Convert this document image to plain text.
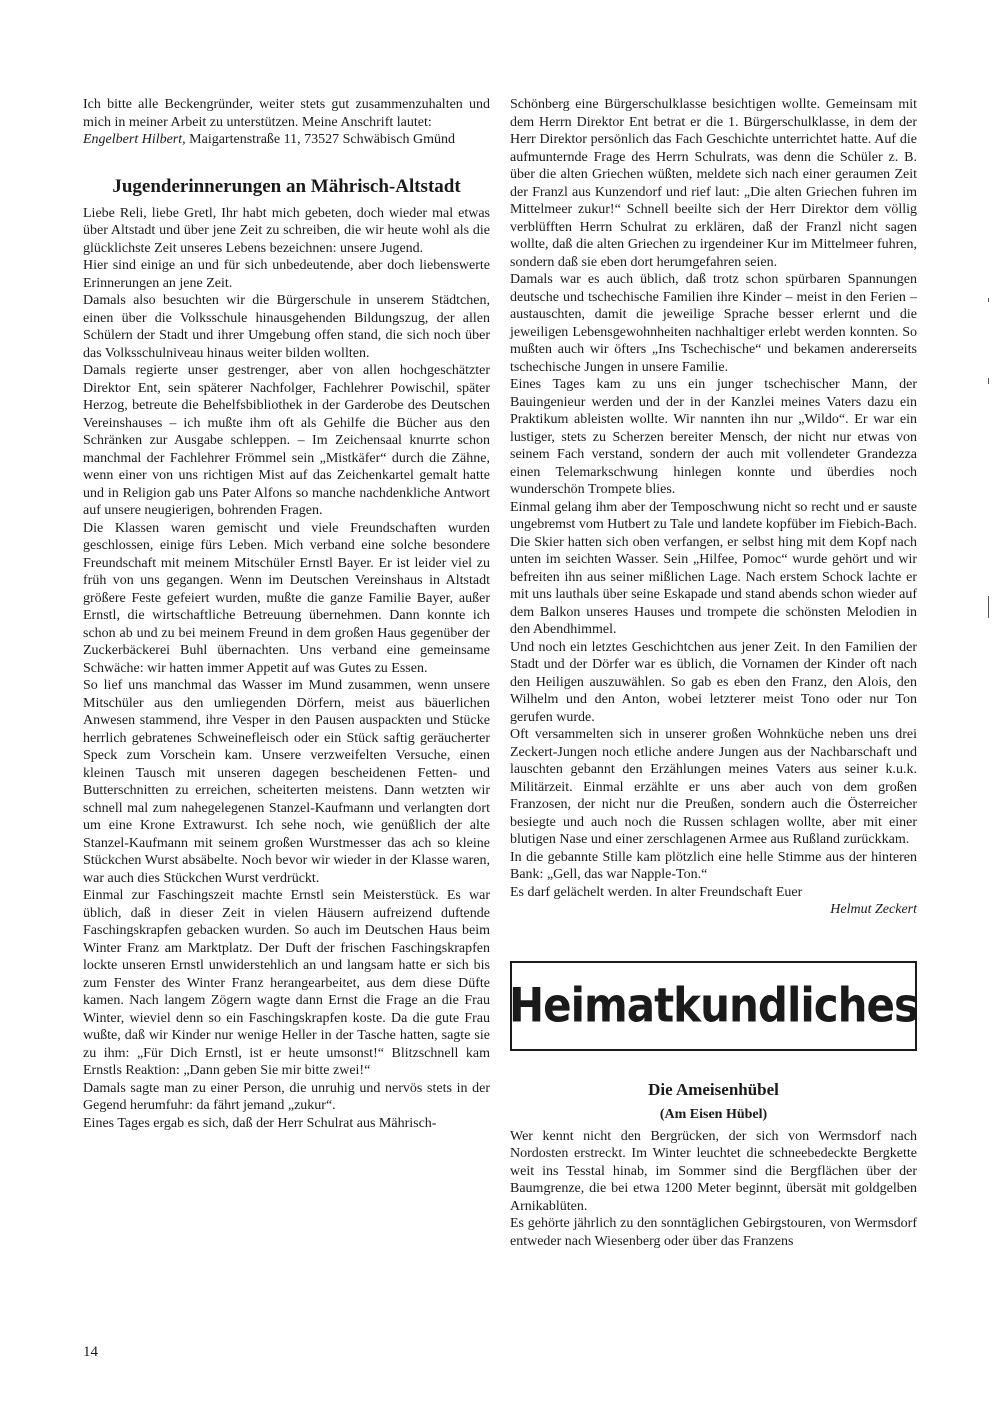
Ich bitte alle Beckengründer, weiter stets gut zusammenzuhalten und mich in meiner Arbeit zu unterstützen. Meine Anschrift lautet:

Engelbert Hilbert, Maigartenstraße 11, 73527 Schwäbisch Gmünd

Jugenderinnerungen an Mährisch-Altstadt

Liebe Reli, liebe Gretl, Ihr habt mich gebeten, doch wieder mal etwas über Altstadt und über jene Zeit zu schreiben, die wir heute wohl als die glücklichste Zeit unseres Lebens bezeichnen: unsere Jugend.

Hier sind einige an und für sich unbedeutende, aber doch liebenswerte Erinnerungen an jene Zeit.

Damals also besuchten wir die Bürgerschule in unserem Städtchen, einen über die Volksschule hinausgehenden Bildungszug, der allen Schülern der Stadt und ihrer Umgebung offen stand, die sich noch über das Volksschulniveau hinaus weiter bilden wollten.

Damals regierte unser gestrenger, aber von allen hochgeschätzter Direktor Ent, sein späterer Nachfolger, Fachlehrer Powischil, später Herzog, betreute die Behelfsbibliothek in der Garderobe des Deutschen Vereinshauses – ich mußte ihm oft als Gehilfe die Bücher aus den Schränken zur Ausgabe schleppen. – Im Zeichensaal knurrte schon manchmal der Fachlehrer Frömmel sein „Mistkäfer“ durch die Zähne, wenn einer von uns richtigen Mist auf das Zeichenkartel gemalt hatte und in Religion gab uns Pater Alfons so manche nachdenkliche Antwort auf unsere neugierigen, bohrenden Fragen.

Die Klassen waren gemischt und viele Freundschaften wurden geschlossen, einige fürs Leben. Mich verband eine solche besondere Freundschaft mit meinem Mitschüler Ernstl Bayer. Er ist leider viel zu früh von uns gegangen. Wenn im Deutschen Vereinshaus in Altstadt größere Feste gefeiert wurden, mußte die ganze Familie Bayer, außer Ernstl, die wirtschaftliche Betreuung übernehmen. Dann konnte ich schon ab und zu bei meinem Freund in dem großen Haus gegenüber der Zuckerbäckerei Buhl übernachten. Uns verband eine gemeinsame Schwäche: wir hatten immer Appetit auf was Gutes zu Essen.

So lief uns manchmal das Wasser im Mund zusammen, wenn unsere Mitschüler aus den umliegenden Dörfern, meist aus bäuerlichen Anwesen stammend, ihre Vesper in den Pausen auspackten und Stücke herrlich gebratenes Schweinefleisch oder ein Stück saftig geräucherter Speck zum Vorschein kam. Unsere verzweifelten Versuche, einen kleinen Tausch mit unseren dagegen bescheidenen Fetten- und Butterschnitten zu erreichen, scheiterten meistens. Dann wetzten wir schnell mal zum nahegelegenen Stanzel-Kaufmann und verlangten dort um eine Krone Extrawurst. Ich sehe noch, wie genüßlich der alte Stanzel-Kaufmann mit seinem großen Wurstmesser das ach so kleine Stückchen Wurst absäbelte. Noch bevor wir wieder in der Klasse waren, war auch dies Stückchen Wurst verdrückt.

Einmal zur Faschingszeit machte Ernstl sein Meisterstück. Es war üblich, daß in dieser Zeit in vielen Häusern aufreizend duftende Faschingskrapfen gebacken wurden. So auch im Deutschen Haus beim Winter Franz am Marktplatz. Der Duft der frischen Faschingskrapfen lockte unseren Ernstl unwiderstehlich an und langsam hatte er sich bis zum Fenster des Winter Franz herangearbeitet, aus dem diese Düfte kamen. Nach langem Zögern wagte dann Ernst die Frage an die Frau Winter, wieviel denn so ein Faschingskrapfen koste. Da die gute Frau wußte, daß wir Kinder nur wenige Heller in der Tasche hatten, sagte sie zu ihm: „Für Dich Ernstl, ist er heute umsonst!“ Blitzschnell kam Ernstls Reaktion: „Dann geben Sie mir bitte zwei!“

Damals sagte man zu einer Person, die unruhig und nervös stets in der Gegend herumfuhr: da fährt jemand „zukur“.

Eines Tages ergab es sich, daß der Herr Schulrat aus Mährisch-

Schönberg eine Bürgerschulklasse besichtigen wollte. Gemeinsam mit dem Herrn Direktor Ent betrat er die 1. Bürgerschulklasse, in dem der Herr Direktor persönlich das Fach Geschichte unterrichtet hatte. Auf die aufmunternde Frage des Herrn Schulrats, was denn die Schüler z. B. über die alten Griechen wüßten, meldete sich nach einer geraumen Zeit der Franzl aus Kunzendorf und rief laut: „Die alten Griechen fuhren im Mittelmeer zukur!“ Schnell beeilte sich der Herr Direktor dem völlig verblüfften Herrn Schulrat zu erklären, daß der Franzl nicht sagen wollte, daß die alten Griechen zu irgendeiner Kur im Mittelmeer fuhren, sondern daß sie eben dort herumgefahren seien.

Damals war es auch üblich, daß trotz schon spürbaren Spannungen deutsche und tschechische Familien ihre Kinder – meist in den Ferien – austauschten, damit die jeweilige Sprache besser erlernt und die jeweiligen Lebensgewohnheiten nachhaltiger erlebt werden konnten. So mußten auch wir öfters „Ins Tschechische“ und bekamen andererseits tschechische Jungen in unsere Familie.

Eines Tages kam zu uns ein junger tschechischer Mann, der Bauingenieur werden und der in der Kanzlei meines Vaters dazu ein Praktikum ableisten wollte. Wir nannten ihn nur „Wildo“. Er war ein lustiger, stets zu Scherzen bereiter Mensch, der nicht nur etwas von seinem Fach verstand, sondern der auch mit vollendeter Grandezza einen Telemarkschwung hinlegen konnte und überdies noch wunderschön Trompete blies.

Einmal gelang ihm aber der Temposchwung nicht so recht und er sauste ungebremst vom Hutbert zu Tale und landete kopfüber im Fiebich-Bach. Die Skier hatten sich oben verfangen, er selbst hing mit dem Kopf nach unten im seichten Wasser. Sein „Hilfee, Pomoc“ wurde gehört und wir befreiten ihn aus seiner mißlichen Lage. Nach erstem Schock lachte er mit uns lauthals über seine Eskapade und stand abends schon wieder auf dem Balkon unseres Hauses und trompete die schönsten Melodien in den Abendhimmel.

Und noch ein letztes Geschichtchen aus jener Zeit. In den Familien der Stadt und der Dörfer war es üblich, die Vornamen der Kinder oft nach den Heiligen auszuwählen. So gab es eben den Franz, den Alois, den Wilhelm und den Anton, wobei letzterer meist Tono oder nur Ton gerufen wurde.

Oft versammelten sich in unserer großen Wohnküche neben uns drei Zeckert-Jungen noch etliche andere Jungen aus der Nachbarschaft und lauschten gebannt den Erzählungen meines Vaters aus seiner k.u.k. Militärzeit. Einmal erzählte er uns aber auch von dem großen Franzosen, der nicht nur die Preußen, sondern auch die Österreicher besiegte und auch noch die Russen schlagen wollte, aber mit einer blutigen Nase und einer zerschlagenen Armee aus Rußland zurückkam.

In die gebannte Stille kam plötzlich eine helle Stimme aus der hinteren Bank: „Gell, das war Napple-Ton.“

Es darf gelächelt werden. In alter Freundschaft Euer

Helmut Zeckert

Heimatkundliches
Die Ameisenhübel
(Am Eisen Hübel)

Wer kennt nicht den Bergrücken, der sich von Wermsdorf nach Nordosten erstreckt. Im Winter leuchtet die schneebedeckte Bergkette weit ins Tesstal hinab, im Sommer sind die Bergflächen über der Baumgrenze, die bei etwa 1200 Meter beginnt, übersät mit goldgelben Arnikablüten.

Es gehörte jährlich zu den sonntäglichen Gebirgstouren, von Wermsdorf entweder nach Wiesenberg oder über das Franzens

14
